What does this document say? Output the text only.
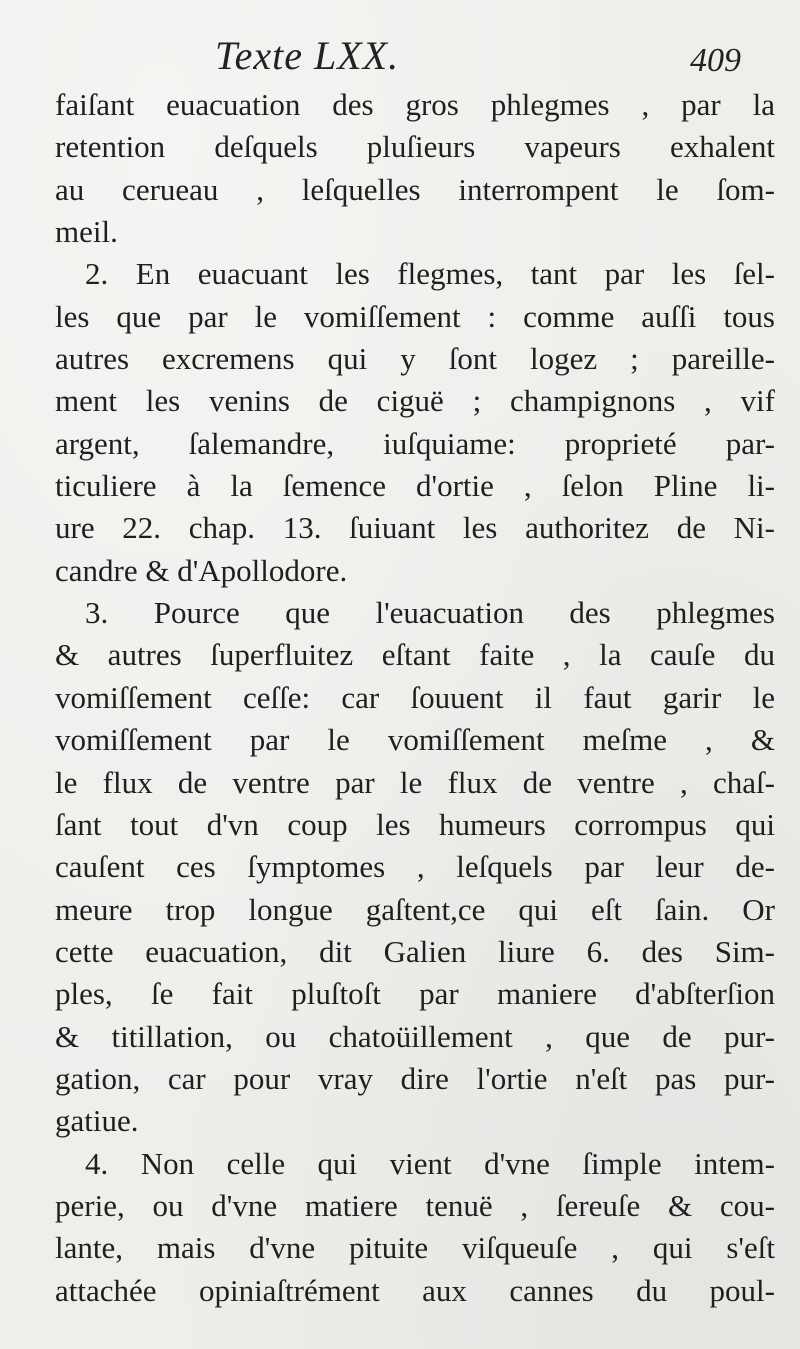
Texte LXX.	409
faiſant euacuation des gros phlegmes , par la
retention deſquels pluſieurs vapeurs exhalent
au cerueau , leſquelles interrompent le ſom-
meil.
2. En euacuant les flegmes, tant par les ſel-
les que par le vomiſſement : comme auſſi tous
autres excremens qui y ſont logez ; pareille-
ment les venins de ciguë ; champignons , vif
argent, ſalemandre, iuſquiame: proprieté par-
ticuliere à la ſemence d'ortie , ſelon Pline li-
ure 22. chap. 13. ſuiuant les authoritez de Ni-
candre & d'Apollodore.
3. Pource que l'euacuation des phlegmes
& autres ſuperfluitez eſtant faite , la cauſe du
vomiſſement ceſſe: car ſouuent il faut garir le
vomiſſement par le vomiſſement meſme , &
le flux de ventre par le flux de ventre , chaſ-
ſant tout d'vn coup les humeurs corrompus qui
cauſent ces ſymptomes , leſquels par leur de-
meure trop longue gaſtent,ce qui eſt ſain. Or
cette euacuation, dit Galien liure 6. des Sim-
ples, ſe fait pluſtoſt par maniere d'abſterſion
& titillation, ou chatoüillement , que de pur-
gation, car pour vray dire l'ortie n'eſt pas pur-
gatiue.
4. Non celle qui vient d'vne ſimple intem-
perie, ou d'vne matiere tenuë , ſereuſe & cou-
lante, mais d'vne pituite viſqueuſe , qui s'eſt
attachée opiniaſtrément aux cannes du poul-
